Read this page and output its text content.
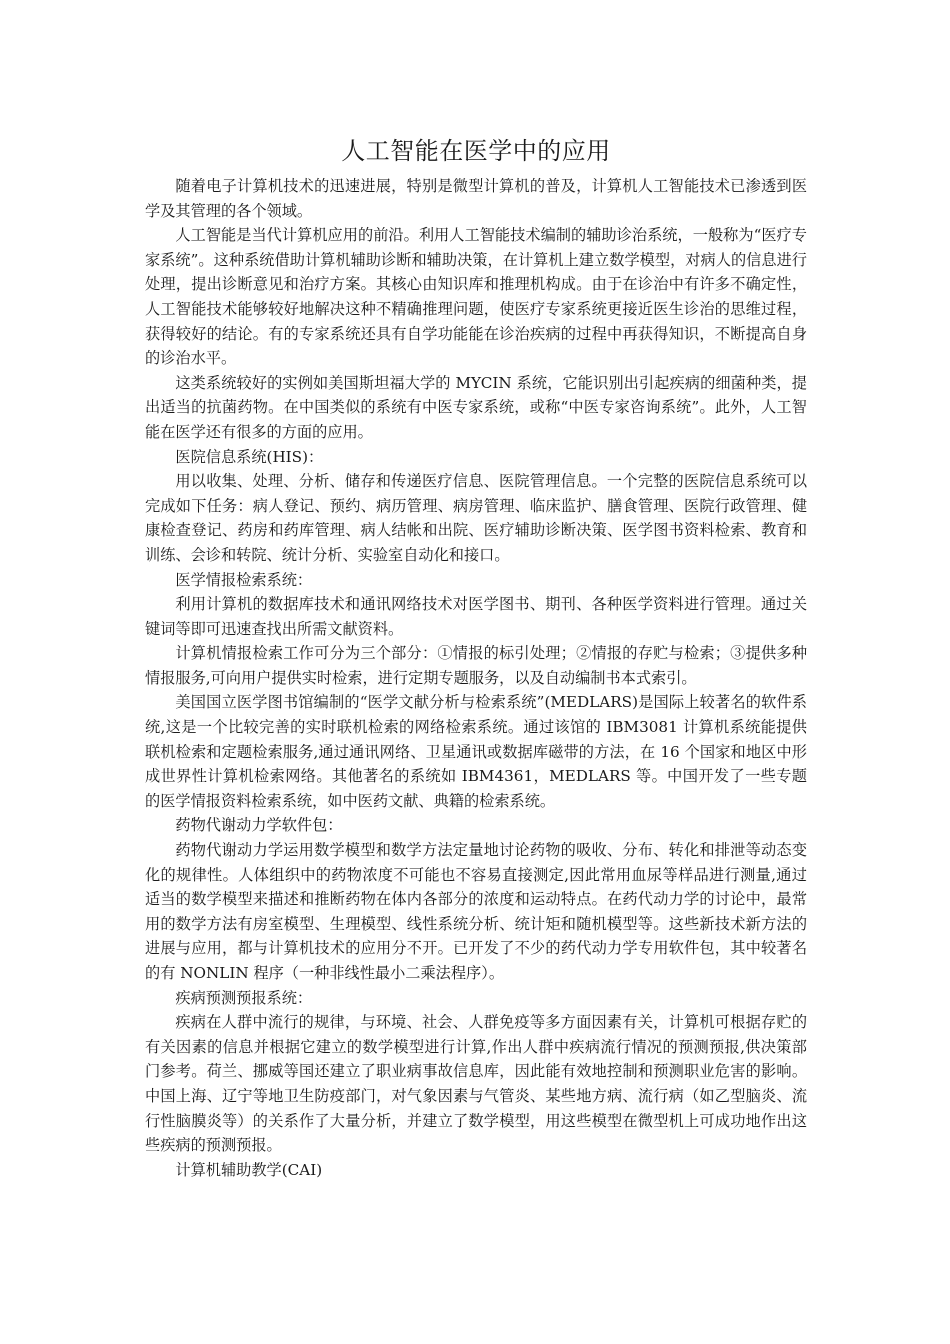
人工智能在医学中的应用

随着电子计算机技术的迅速进展，特别是微型计算机的普及，计算机人工智能技术已渗透到医学及其管理的各个领域。

人工智能是当代计算机应用的前沿。利用人工智能技术编制的辅助诊治系统，一般称为“医疗专家系统”。这种系统借助计算机辅助诊断和辅助决策，在计算机上建立数学模型，对病人的信息进行处理，提出诊断意见和治疗方案。其核心由知识库和推理机构成。由于在诊治中有许多不确定性，人工智能技术能够较好地解决这种不精确推理问题，使医疗专家系统更接近医生诊治的思维过程，获得较好的结论。有的专家系统还具有自学功能能在诊治疾病的过程中再获得知识，不断提高自身的诊治水平。

这类系统较好的实例如美国斯坦福大学的 MYCIN 系统，它能识别出引起疾病的细菌种类，提出适当的抗菌药物。在中国类似的系统有中医专家系统，或称“中医专家咨询系统”。此外，人工智能在医学还有很多的方面的应用。

医院信息系统(HIS)：

用以收集、处理、分析、储存和传递医疗信息、医院管理信息。一个完整的医院信息系统可以完成如下任务：病人登记、预约、病历管理、病房管理、临床监护、膳食管理、医院行政管理、健康检查登记、药房和药库管理、病人结帐和出院、医疗辅助诊断决策、医学图书资料检索、教育和训练、会诊和转院、统计分析、实验室自动化和接口。

医学情报检索系统：

利用计算机的数据库技术和通讯网络技术对医学图书、期刊、各种医学资料进行管理。通过关键词等即可迅速查找出所需文献资料。

计算机情报检索工作可分为三个部分：①情报的标引处理；②情报的存贮与检索；③提供多种情报服务,可向用户提供实时检索，进行定期专题服务，以及自动编制书本式索引。

美国国立医学图书馆编制的“医学文献分析与检索系统”(MEDLARS)是国际上较著名的软件系统,这是一个比较完善的实时联机检索的网络检索系统。通过该馆的 IBM3081 计算机系统能提供联机检索和定题检索服务,通过通讯网络、卫星通讯或数据库磁带的方法，在 16 个国家和地区中形成世界性计算机检索网络。其他著名的系统如 IBM4361，MEDLARS 等。中国开发了一些专题的医学情报资料检索系统，如中医药文献、典籍的检索系统。

药物代谢动力学软件包：

药物代谢动力学运用数学模型和数学方法定量地讨论药物的吸收、分布、转化和排泄等动态变化的规律性。人体组织中的药物浓度不可能也不容易直接测定,因此常用血尿等样品进行测量,通过适当的数学模型来描述和推断药物在体内各部分的浓度和运动特点。在药代动力学的讨论中，最常用的数学方法有房室模型、生理模型、线性系统分析、统计矩和随机模型等。这些新技术新方法的进展与应用，都与计算机技术的应用分不开。已开发了不少的药代动力学专用软件包，其中较著名的有 NONLIN 程序（一种非线性最小二乘法程序）。

疾病预测预报系统：

疾病在人群中流行的规律，与环境、社会、人群免疫等多方面因素有关，计算机可根据存贮的有关因素的信息并根据它建立的数学模型进行计算,作出人群中疾病流行情况的预测预报,供决策部门参考。荷兰、挪威等国还建立了职业病事故信息库，因此能有效地控制和预测职业危害的影响。中国上海、辽宁等地卫生防疫部门，对气象因素与气管炎、某些地方病、流行病（如乙型脑炎、流行性脑膜炎等）的关系作了大量分析，并建立了数学模型，用这些模型在微型机上可成功地作出这些疾病的预测预报。

计算机辅助教学(CAI)
